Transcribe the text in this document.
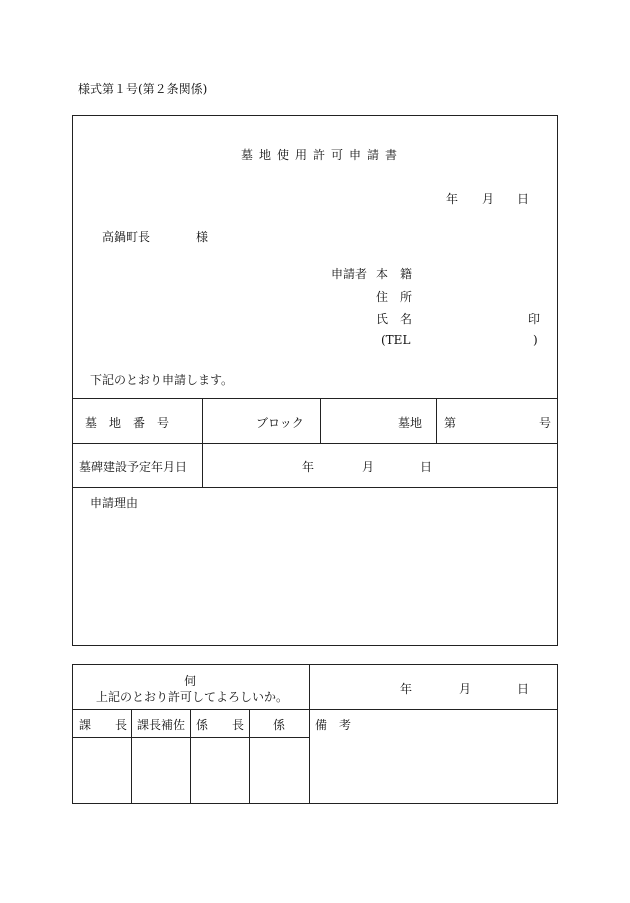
様式第１号(第２条関係)
墓地使用許可申請書
年 月 日
高鍋町長	様
申請者 本　籍
住　所
氏　名	印
(TEL	)
下記のとおり申請します。
墓　地　番　号	ブロック	墓地 第	号
墓碑建設予定年月日	年	月	日
申請理由
伺
上記のとおり許可してよろしいか。
年	月	日
課　　長 課長補佐 係　　長 係 備　考
